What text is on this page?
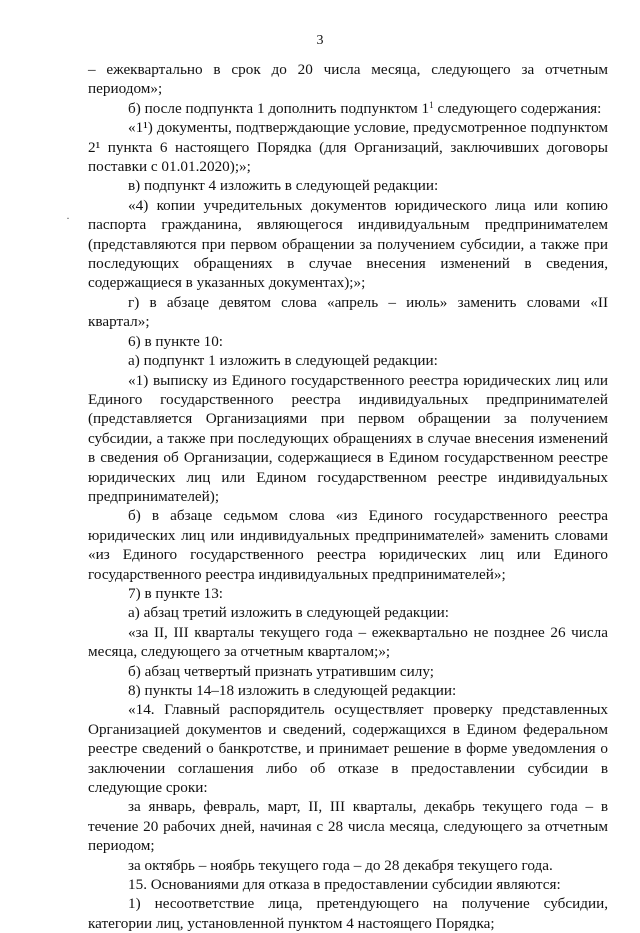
3
·

– ежеквартально в срок до 20 числа месяца, следующего за отчетным периодом»;

б) после подпункта 1 дополнить подпунктом $1^1$ следующего содержания:

«1¹) документы, подтверждающие условие, предусмотренное подпунктом 2¹ пункта 6 настоящего Порядка (для Организаций, заключивших договоры поставки с 01.01.2020);»;

в) подпункт 4 изложить в следующей редакции:

«4) копии учредительных документов юридического лица или копию паспорта гражданина, являющегося индивидуальным предпринимателем (представляются при первом обращении за получением субсидии, а также при последующих обращениях в случае внесения изменений в сведения, содержащиеся в указанных документах);»;

г) в абзаце девятом слова «апрель – июль» заменить словами «II квартал»;

6) в пункте 10:

а) подпункт 1 изложить в следующей редакции:

«1) выписку из Единого государственного реестра юридических лиц или Единого государственного реестра индивидуальных предпринимателей (представляется Организациями при первом обращении за получением субсидии, а также при последующих обращениях в случае внесения изменений в сведения об Организации, содержащиеся в Едином государственном реестре юридических лиц или Едином государственном реестре индивидуальных предпринимателей);

б) в абзаце седьмом слова «из Единого государственного реестра юридических лиц или индивидуальных предпринимателей» заменить словами «из Единого государственного реестра юридических лиц или Единого государственного реестра индивидуальных предпринимателей»;

7) в пункте 13:

а) абзац третий изложить в следующей редакции:

«за II, III кварталы текущего года – ежеквартально не позднее 26 числа месяца, следующего за отчетным кварталом;»;

б) абзац четвертый признать утратившим силу;

8) пункты 14–18 изложить в следующей редакции:

«14. Главный распорядитель осуществляет проверку представленных Организацией документов и сведений, содержащихся в Едином федеральном реестре сведений о банкротстве, и принимает решение в форме уведомления о заключении соглашения либо об отказе в предоставлении субсидии в следующие сроки:

за январь, февраль, март, II, III кварталы, декабрь текущего года – в течение 20 рабочих дней, начиная с 28 числа месяца, следующего за отчетным периодом;

за октябрь – ноябрь текущего года – до 28 декабря текущего года.

15. Основаниями для отказа в предоставлении субсидии являются:

1) несоответствие лица, претендующего на получение субсидии, категории лиц, установленной пунктом 4 настоящего Порядка;
